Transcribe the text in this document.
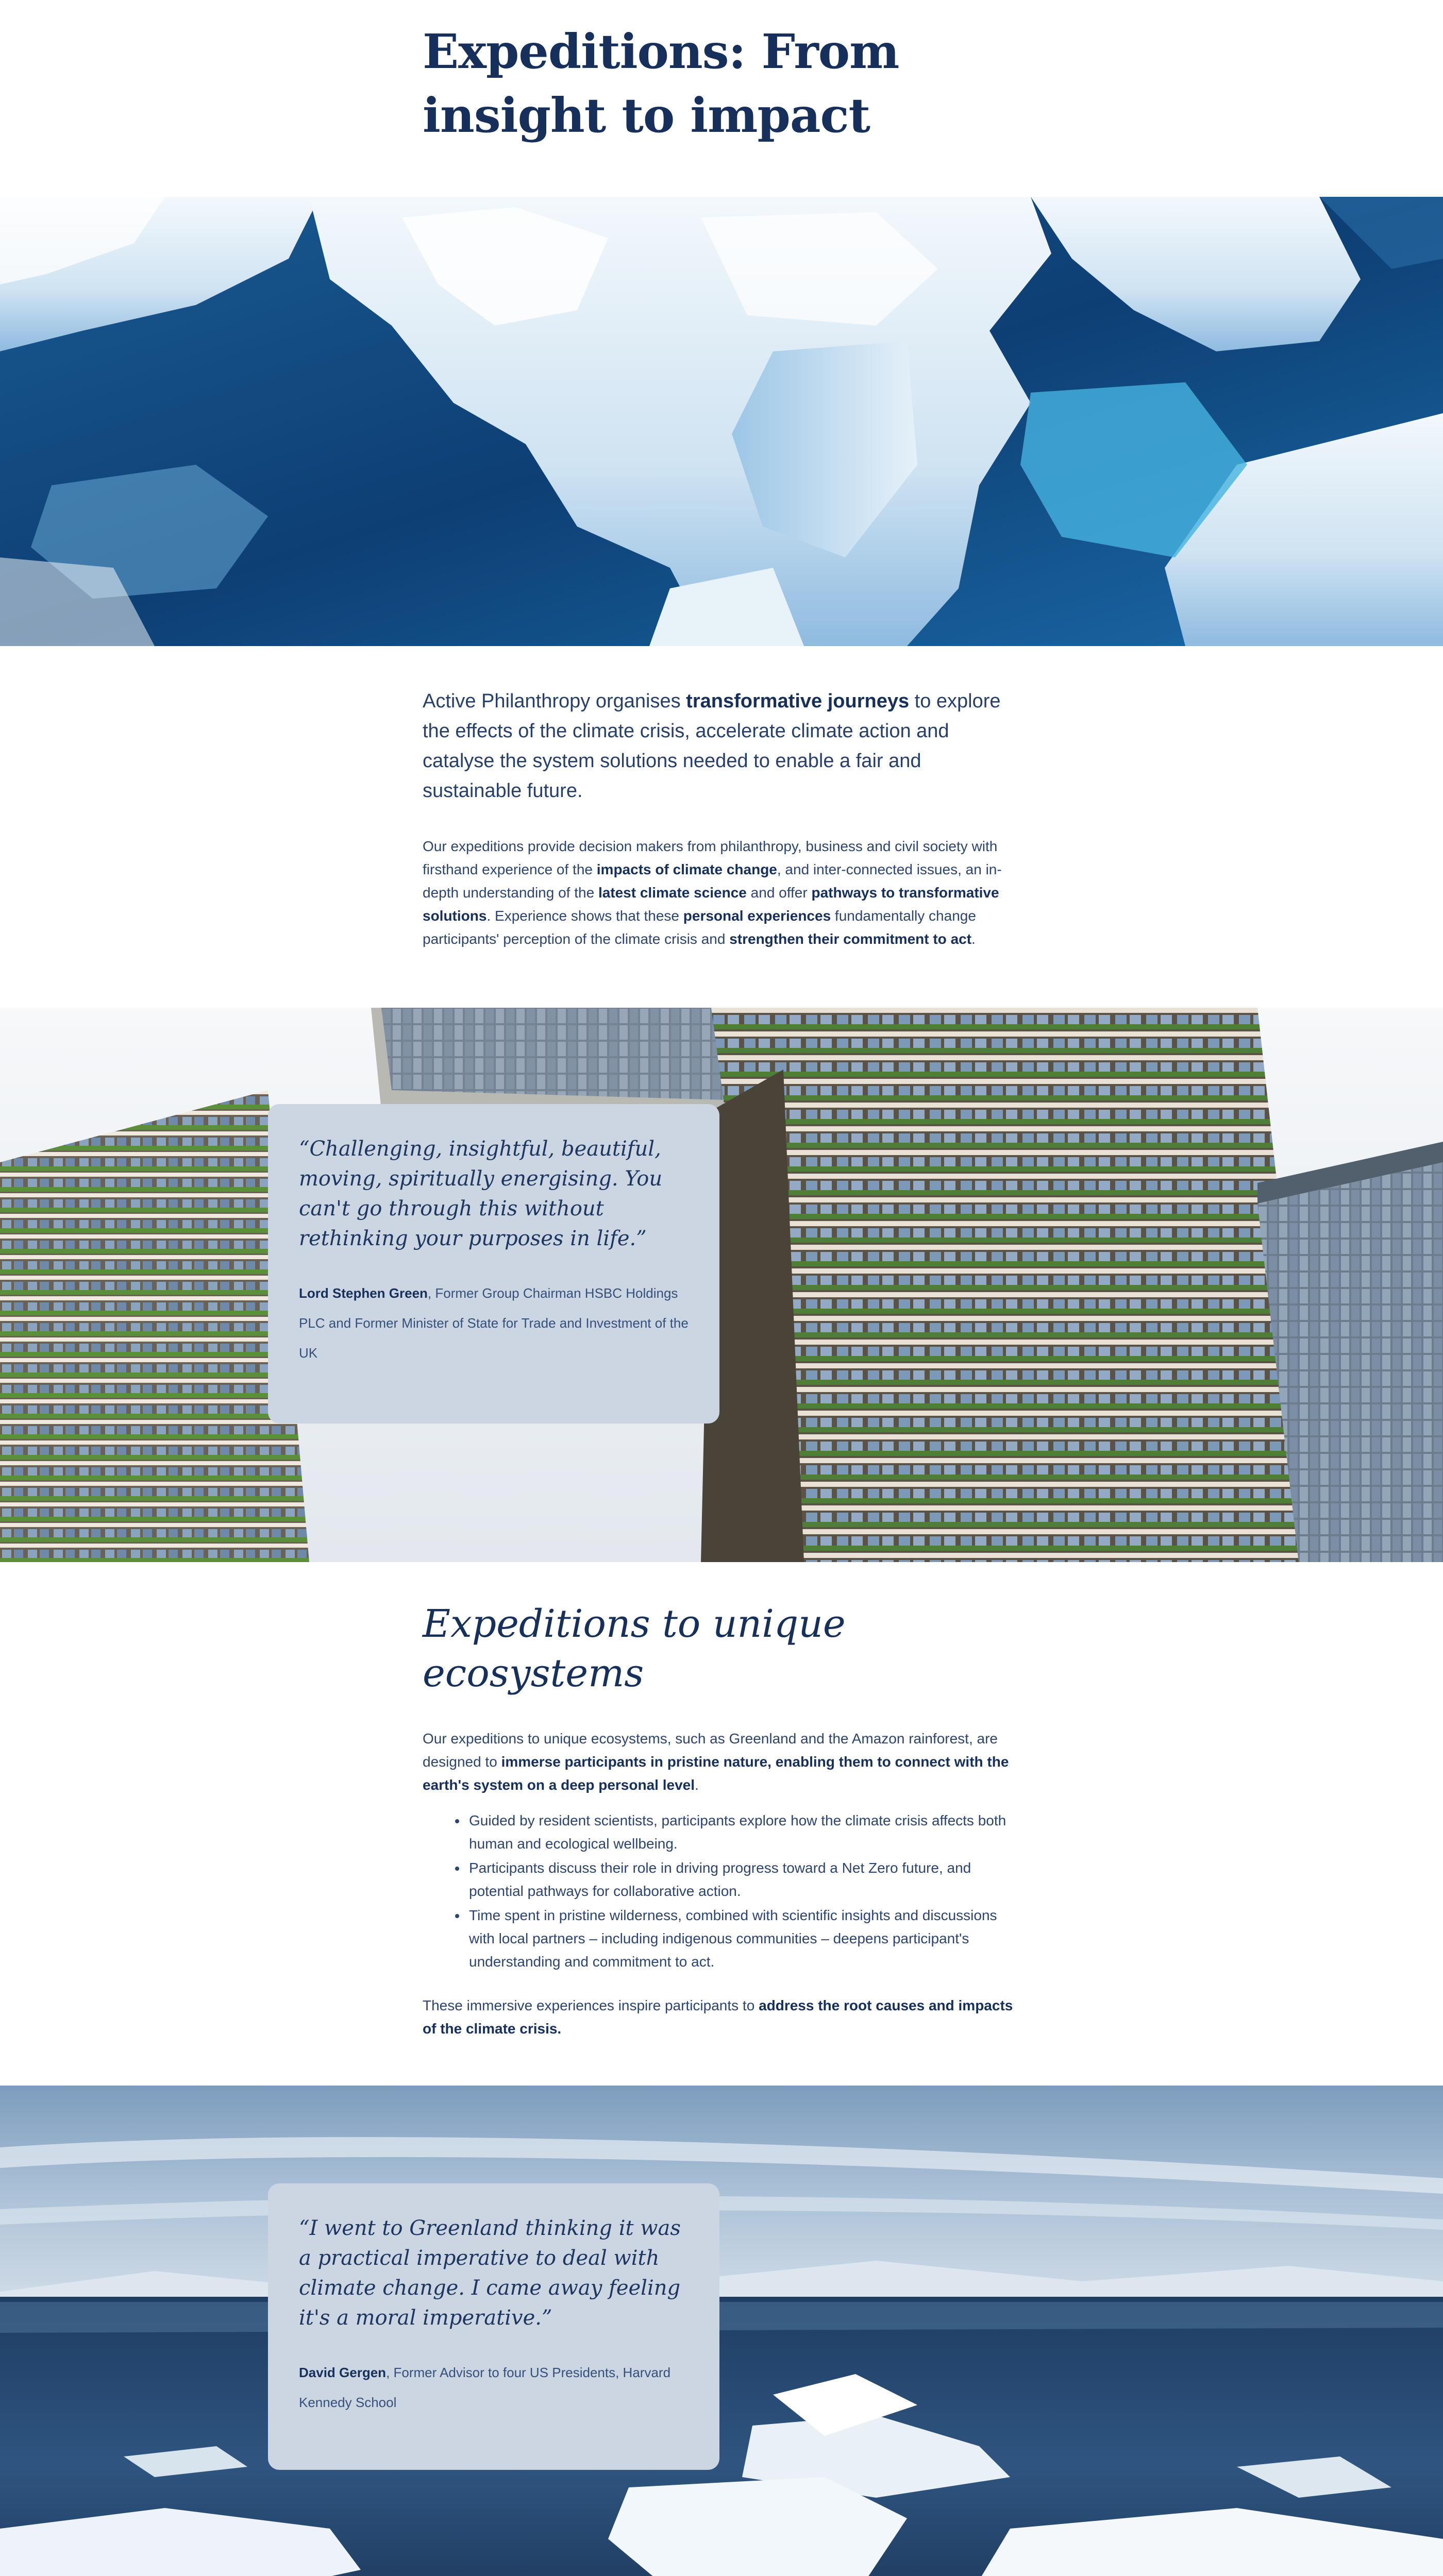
Expeditions: From insight to impact

Active Philanthropy organises transformative journeys to explore the effects of the climate crisis, accelerate climate action and catalyse the system solutions needed to enable a fair and sustainable future.

Our expeditions provide decision makers from philanthropy, business and civil society with firsthand experience of the impacts of climate change, and inter-connected issues, an in-depth understanding of the latest climate science and offer pathways to transformative solutions. Experience shows that these personal experiences fundamentally change participants' perception of the climate crisis and strengthen their commitment to act.

“Challenging, insightful, beautiful, moving, spiritually energising. You can't go through this without rethinking your purposes in life.”

Lord Stephen Green, Former Group Chairman HSBC Holdings PLC and Former Minister of State for Trade and Investment of the UK

Expeditions to unique ecosystems

Our expeditions to unique ecosystems, such as Greenland and the Amazon rainforest, are designed to immerse participants in pristine nature, enabling them to connect with the earth's system on a deep personal level.

• Guided by resident scientists, participants explore how the climate crisis affects both human and ecological wellbeing.
• Participants discuss their role in driving progress toward a Net Zero future, and potential pathways for collaborative action.
• Time spent in pristine wilderness, combined with scientific insights and discussions with local partners – including indigenous communities – deepens participant's understanding and commitment to act.

These immersive experiences inspire participants to address the root causes and impacts of the climate crisis.

“I went to Greenland thinking it was a practical imperative to deal with climate change. I came away feeling it's a moral imperative.”

David Gergen, Former Advisor to four US Presidents, Harvard Kennedy School
